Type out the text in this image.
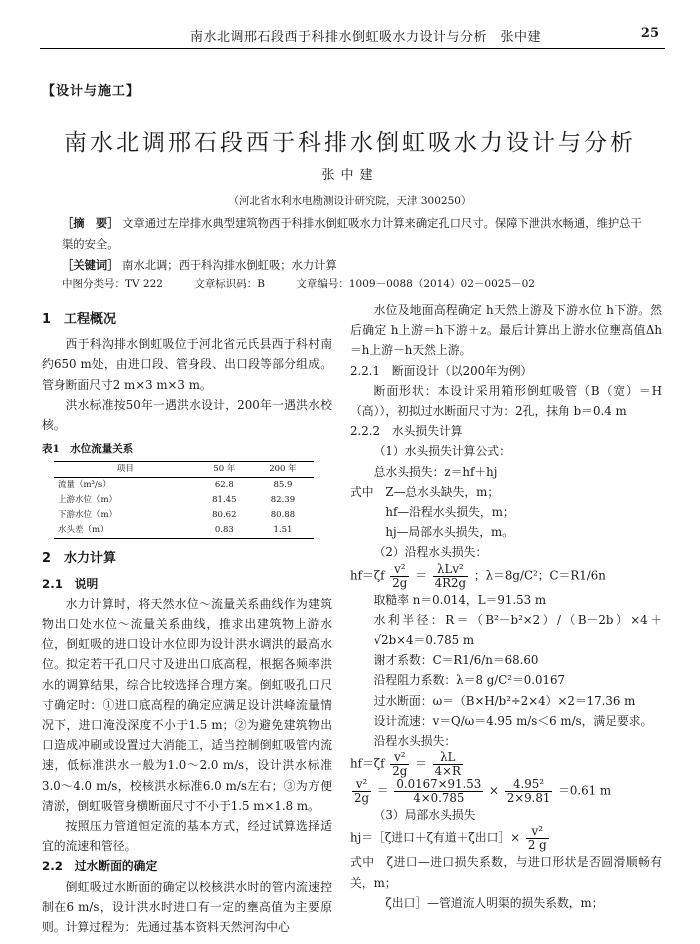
南水北调邢石段西于科排水倒虹吸水力设计与分析　张中建	25
【设计与施工】
南水北调邢石段西于科排水倒虹吸水力设计与分析
张中建
（河北省水利水电勘测设计研究院，天津 300250）
［摘　要］ 文章通过左岸排水典型建筑物西于科排水倒虹吸水力计算来确定孔口尺寸。保障下泄洪水畅通，维护总干渠的安全。
［关键词］ 南水北调；西于科沟排水倒虹吸；水力计算
中图分类号：TV 222	文章标识码：B	文章编号：1009－0088（2014）02－0025－02

1　工程概况

西于科沟排水倒虹吸位于河北省元氏县西于科村南约650 m处，由进口段、管身段、出口段等部分组成。管身断面尺寸2 m×3 m×3 m。

洪水标准按50年一遇洪水设计，200年一遇洪水校核。

表1　水位流量关系

项目	50 年	200 年
流量（m³/s）	62.8	85.9
上游水位（m）	81.45	82.39
下游水位（m）	80.62	80.88
水头差（m）	0.83	1.51

2　水力计算

2.1　说明

水力计算时，将天然水位～流量关系曲线作为建筑物出口处水位～流量关系曲线，推求出建筑物上游水位，倒虹吸的进口设计水位即为设计洪水调洪的最高水位。拟定若干孔口尺寸及进出口底高程，根据各频率洪水的调算结果，综合比较选择合理方案。倒虹吸孔口尺寸确定时：①进口底高程的确定应满足设计洪峰流量情况下，进口淹没深度不小于1.5 m；②为避免建筑物出口造成冲刷或设置过大消能工，适当控制倒虹吸管内流速，低标准洪水一般为1.0～2.0 m/s，设计洪水标准3.0～4.0 m/s，校核洪水标准6.0 m/s左右；③为方便清淤，倒虹吸管身横断面尺寸不小于1.5 m×1.8 m。

按照压力管道恒定流的基本方式，经过试算选择适宜的流速和管径。

2.2　过水断面的确定

倒虹吸过水断面的确定以校核洪水时的管内流速控制在6 m/s，设计洪水时进口有一定的壅高值为主要原则。计算过程为：先通过基本资料天然河沟中心

水位及地面高程确定 h天然上游及下游水位 h下游。然后确定 h上游＝h下游＋z。最后计算出上游水位壅高值Δh＝h上游－h天然上游。

2.2.1　断面设计（以200年为例）

断面形状：本设计采用箱形倒虹吸管（B（宽）＝H（高）），初拟过水断面尺寸为：2孔，抹角 b＝0.4 m

2.2.2　水头损失计算

（1）水头损失计算公式：

总水头损失：z＝hf＋hj

式中　Z—总水头缺失，m；

hf—沿程水头损失，m；

hj—局部水头损失，m。

（2）沿程水头损失：

$hf=\zeta f \frac{\text{v²}}{2g} = \frac{\text{λLv²}}{4R2g}$ ；λ＝8g/C²；C＝R1/6n

取糙率 n＝0.014，L＝91.53 m

水利半径：R＝（B²－b²×2）/（B－2b）×4＋√2b×4＝0.785 m

谢才系数：C＝R1/6/n＝68.60

沿程阻力系数：λ＝8 g/C²＝0.0167

过水断面：ω＝（B×H/b²÷2×4）×2＝17.36 m

设计流速：v＝Q/ω＝4.95 m/s＜6 m/s，满足要求。

沿程水头损失：

$hf=\zeta f \frac{\text{v²}}{2g} = \frac{\lambda L}{4\times R}$

$\frac{\text{v²}}{2g} = \frac{0.0167\times 91.53}{4\times 0.785} \times \frac{\text{4.95²}}{2\times 9.81} =0.61$ m

（3）局部水头损失

hj＝［ζ进口＋ζ有道＋ζ出口］× $\frac{\text{v²}}{2 g}$

式中　ζ进口—进口损失系数，与进口形状是否圆滑顺畅有关，m；

ζ出口］—管道流人明渠的损失系数，m；
